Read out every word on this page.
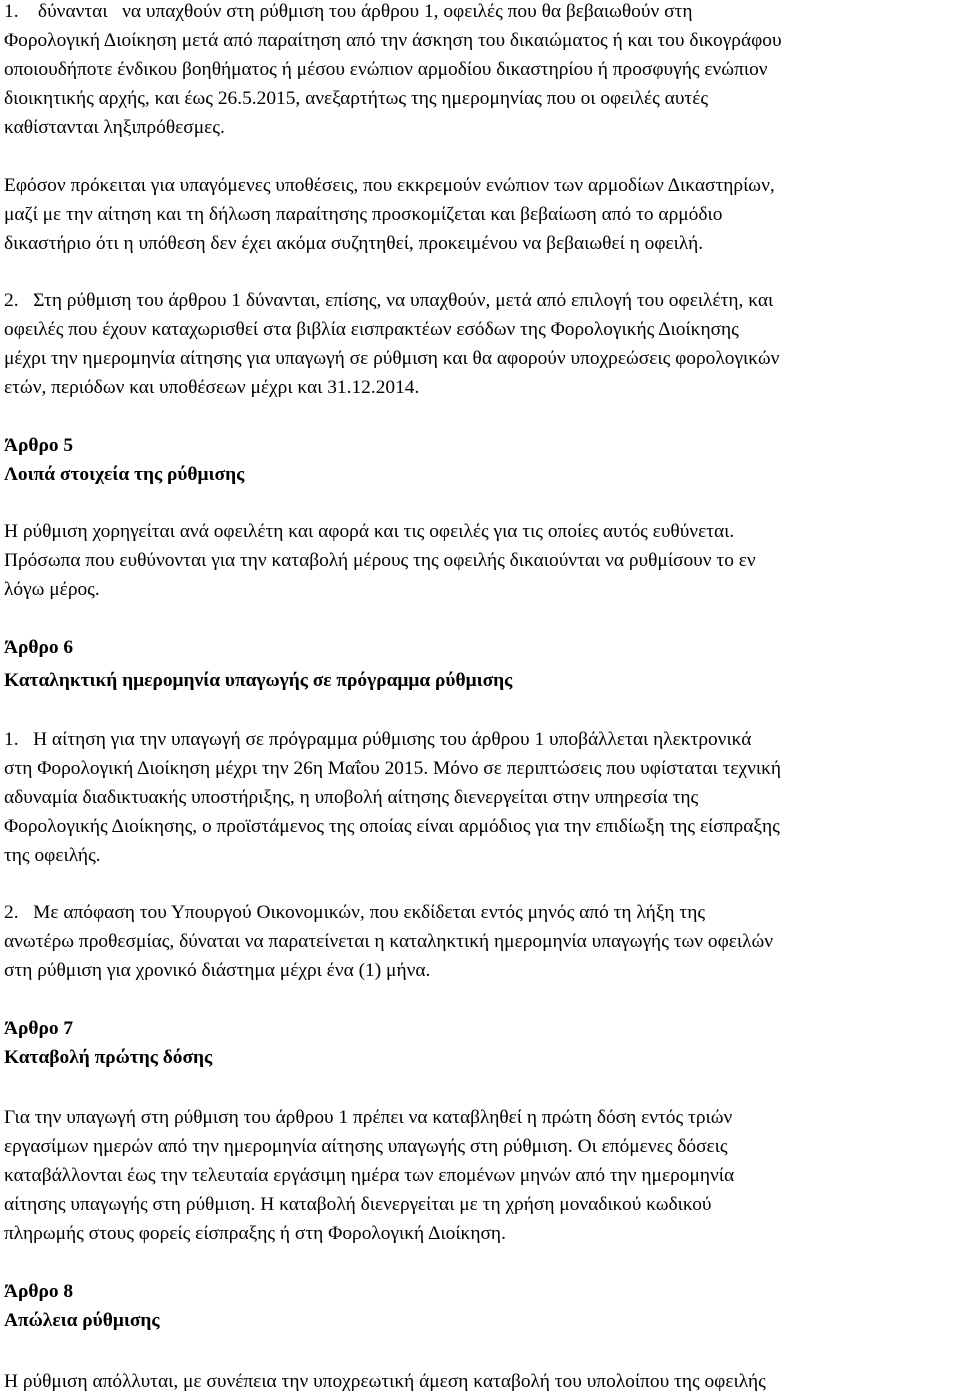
1.    δύνανται   να υπαχθούν στη ρύθμιση του άρθρου 1, οφειλές που θα βεβαιωθούν στη
Φορολογική Διοίκηση μετά από παραίτηση από την άσκηση του δικαιώματος ή και του δικογράφου
οποιουδήποτε ένδικου βοηθήματος ή μέσου ενώπιον αρμοδίου δικαστηρίου ή προσφυγής ενώπιον
διοικητικής αρχής, και έως 26.5.2015, ανεξαρτήτως της ημερομηνίας που οι οφειλές αυτές
καθίστανται ληξιπρόθεσμες.
Εφόσον πρόκειται για υπαγόμενες υποθέσεις, που εκκρεμούν ενώπιον των αρμοδίων Δικαστηρίων,
μαζί με την αίτηση και τη δήλωση παραίτησης προσκομίζεται και βεβαίωση από το αρμόδιο
δικαστήριο ότι η υπόθεση δεν έχει ακόμα συζητηθεί, προκειμένου να βεβαιωθεί η οφειλή.
2.   Στη ρύθμιση του άρθρου 1 δύνανται, επίσης, να υπαχθούν, μετά από επιλογή του οφειλέτη, και
οφειλές που έχουν καταχωρισθεί στα βιβλία εισπρακτέων εσόδων της Φορολογικής Διοίκησης
μέχρι την ημερομηνία αίτησης για υπαγωγή σε ρύθμιση και θα αφορούν υποχρεώσεις φορολογικών
ετών, περιόδων και υποθέσεων μέχρι και 31.12.2014.
Άρθρο 5
Λοιπά στοιχεία της ρύθμισης
Η ρύθμιση χορηγείται ανά οφειλέτη και αφορά και τις οφειλές για τις οποίες αυτός ευθύνεται.
Πρόσωπα που ευθύνονται για την καταβολή μέρους της οφειλής δικαιούνται να ρυθμίσουν το εν
λόγω μέρος.
Άρθρο 6
Καταληκτική ημερομηνία υπαγωγής σε πρόγραμμα ρύθμισης
1.   Η αίτηση για την υπαγωγή σε πρόγραμμα ρύθμισης του άρθρου 1 υποβάλλεται ηλεκτρονικά
στη Φορολογική Διοίκηση μέχρι την 26η Μαΐου 2015. Μόνο σε περιπτώσεις που υφίσταται τεχνική
αδυναμία διαδικτυακής υποστήριξης, η υποβολή αίτησης διενεργείται στην υπηρεσία της
Φορολογικής Διοίκησης, ο προϊστάμενος της οποίας είναι αρμόδιος για την επιδίωξη της είσπραξης
της οφειλής.
2.   Με απόφαση του Υπουργού Οικονομικών, που εκδίδεται εντός μηνός από τη λήξη της
ανωτέρω προθεσμίας, δύναται να παρατείνεται η καταληκτική ημερομηνία υπαγωγής των οφειλών
στη ρύθμιση για χρονικό διάστημα μέχρι ένα (1) μήνα.
Άρθρο 7
Καταβολή πρώτης δόσης
Για την υπαγωγή στη ρύθμιση του άρθρου 1 πρέπει να καταβληθεί η πρώτη δόση εντός τριών
εργασίμων ημερών από την ημερομηνία αίτησης υπαγωγής στη ρύθμιση. Οι επόμενες δόσεις
καταβάλλονται έως την τελευταία εργάσιμη ημέρα των επομένων μηνών από την ημερομηνία
αίτησης υπαγωγής στη ρύθμιση. Η καταβολή διενεργείται με τη χρήση μοναδικού κωδικού
πληρωμής στους φορείς είσπραξης ή στη Φορολογική Διοίκηση.
Άρθρο 8
Απώλεια ρύθμισης
Η ρύθμιση απόλλυται, με συνέπεια την υποχρεωτική άμεση καταβολή του υπολοίπου της οφειλής
